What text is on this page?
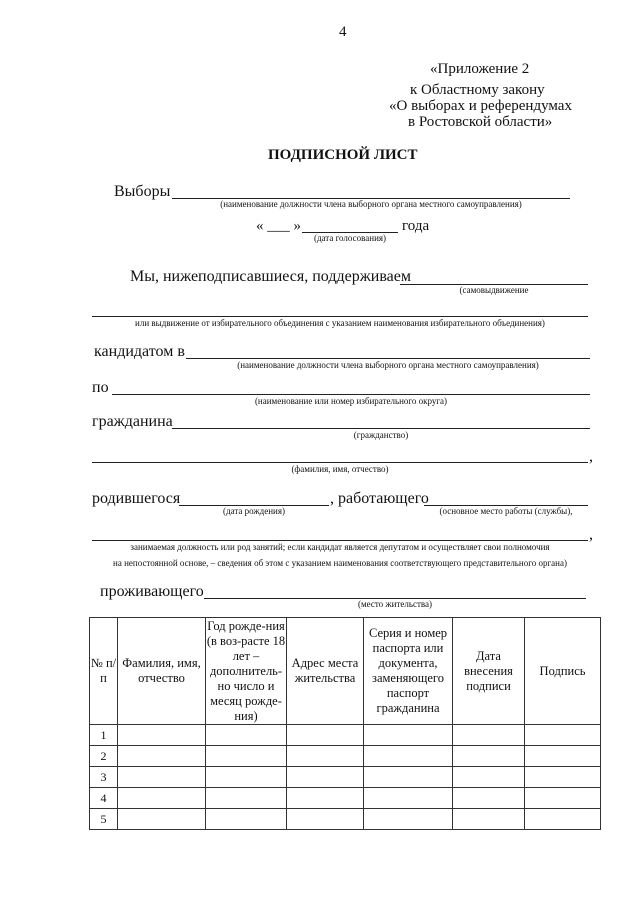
4
«Приложение 2
к Областному закону
«О выборах и референдумах
в Ростовской области»
ПОДПИСНОЙ ЛИСТ
Выборы
(наименование должности члена выборного органа местного самоуправления)
« ___ »	года
(дата голосования)
Мы, нижеподписавшиеся, поддерживаем
(самовыдвижение
или выдвижение от избирательного объединения с указанием наименования избирательного объединения)
кандидатом в
(наименование должности члена выборного органа местного самоуправления)
по
(наименование или номер избирательного округа)
гражданина
(гражданство)
,
(фамилия, имя, отчество)
родившегося
(дата рождения)
, работающего
(основное место работы (службы),
,
занимаемая должность или род занятий; если кандидат является депутатом и осуществляет свои полномочия
на непостоянной основе, – сведения об этом с указанием наименования соответствующего представительного органа)
проживающего
(место жительства)
№ п/п	Фамилия, имя, отчество	Год рожде-ния (в воз-расте 18 лет – дополнитель-но число и месяц рожде-ния)	Адрес места жительства	Серия и номер паспорта или документа, заменяющего паспорт гражданина	Дата внесения подписи	Подпись
1						
2						
3						
4						
5						
